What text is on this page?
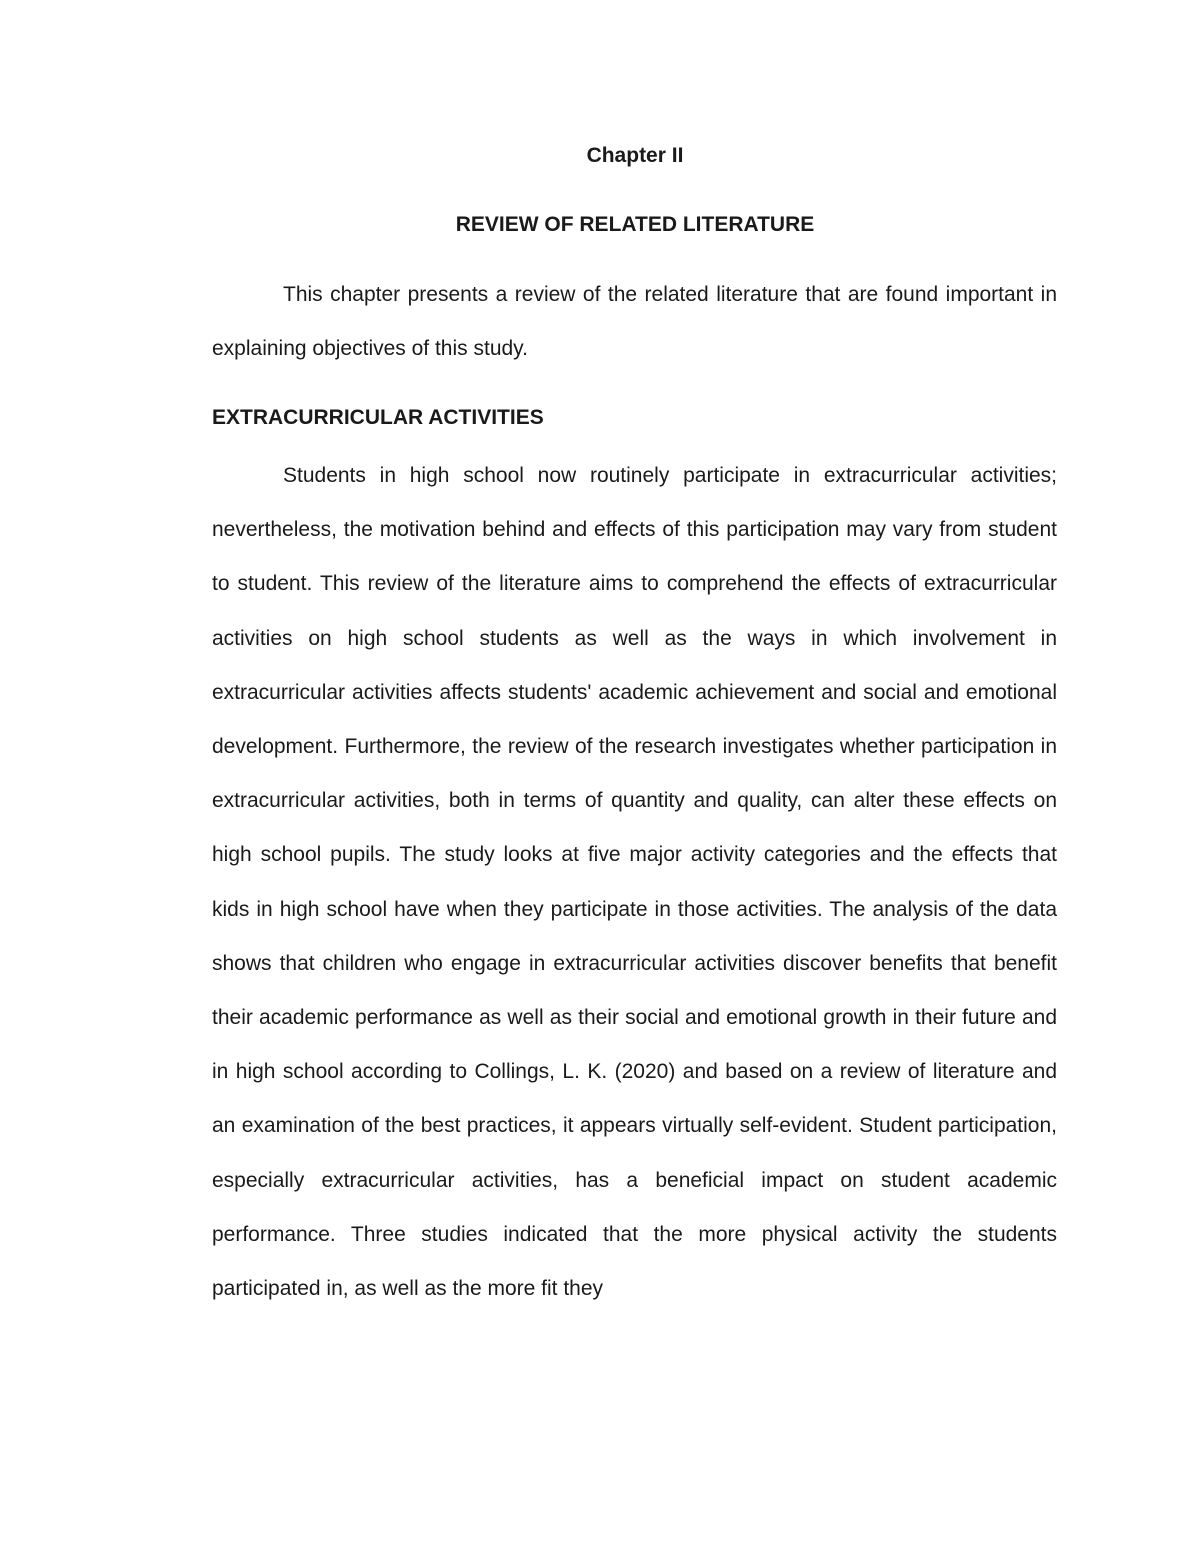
Chapter II
REVIEW OF RELATED LITERATURE

This chapter presents a review of the related literature that are found important in explaining objectives of this study.

EXTRACURRICULAR ACTIVITIES

Students in high school now routinely participate in extracurricular activities; nevertheless, the motivation behind and effects of this participation may vary from student to student. This review of the literature aims to comprehend the effects of extracurricular activities on high school students as well as the ways in which involvement in extracurricular activities affects students' academic achievement and social and emotional development. Furthermore, the review of the research investigates whether participation in extracurricular activities, both in terms of quantity and quality, can alter these effects on high school pupils. The study looks at five major activity categories and the effects that kids in high school have when they participate in those activities. The analysis of the data shows that children who engage in extracurricular activities discover benefits that benefit their academic performance as well as their social and emotional growth in their future and in high school according to Collings, L. K. (2020) and based on a review of literature and an examination of the best practices, it appears virtually self-evident. Student participation, especially extracurricular activities, has a beneficial impact on student academic performance. Three studies indicated that the more physical activity the students participated in, as well as the more fit they
